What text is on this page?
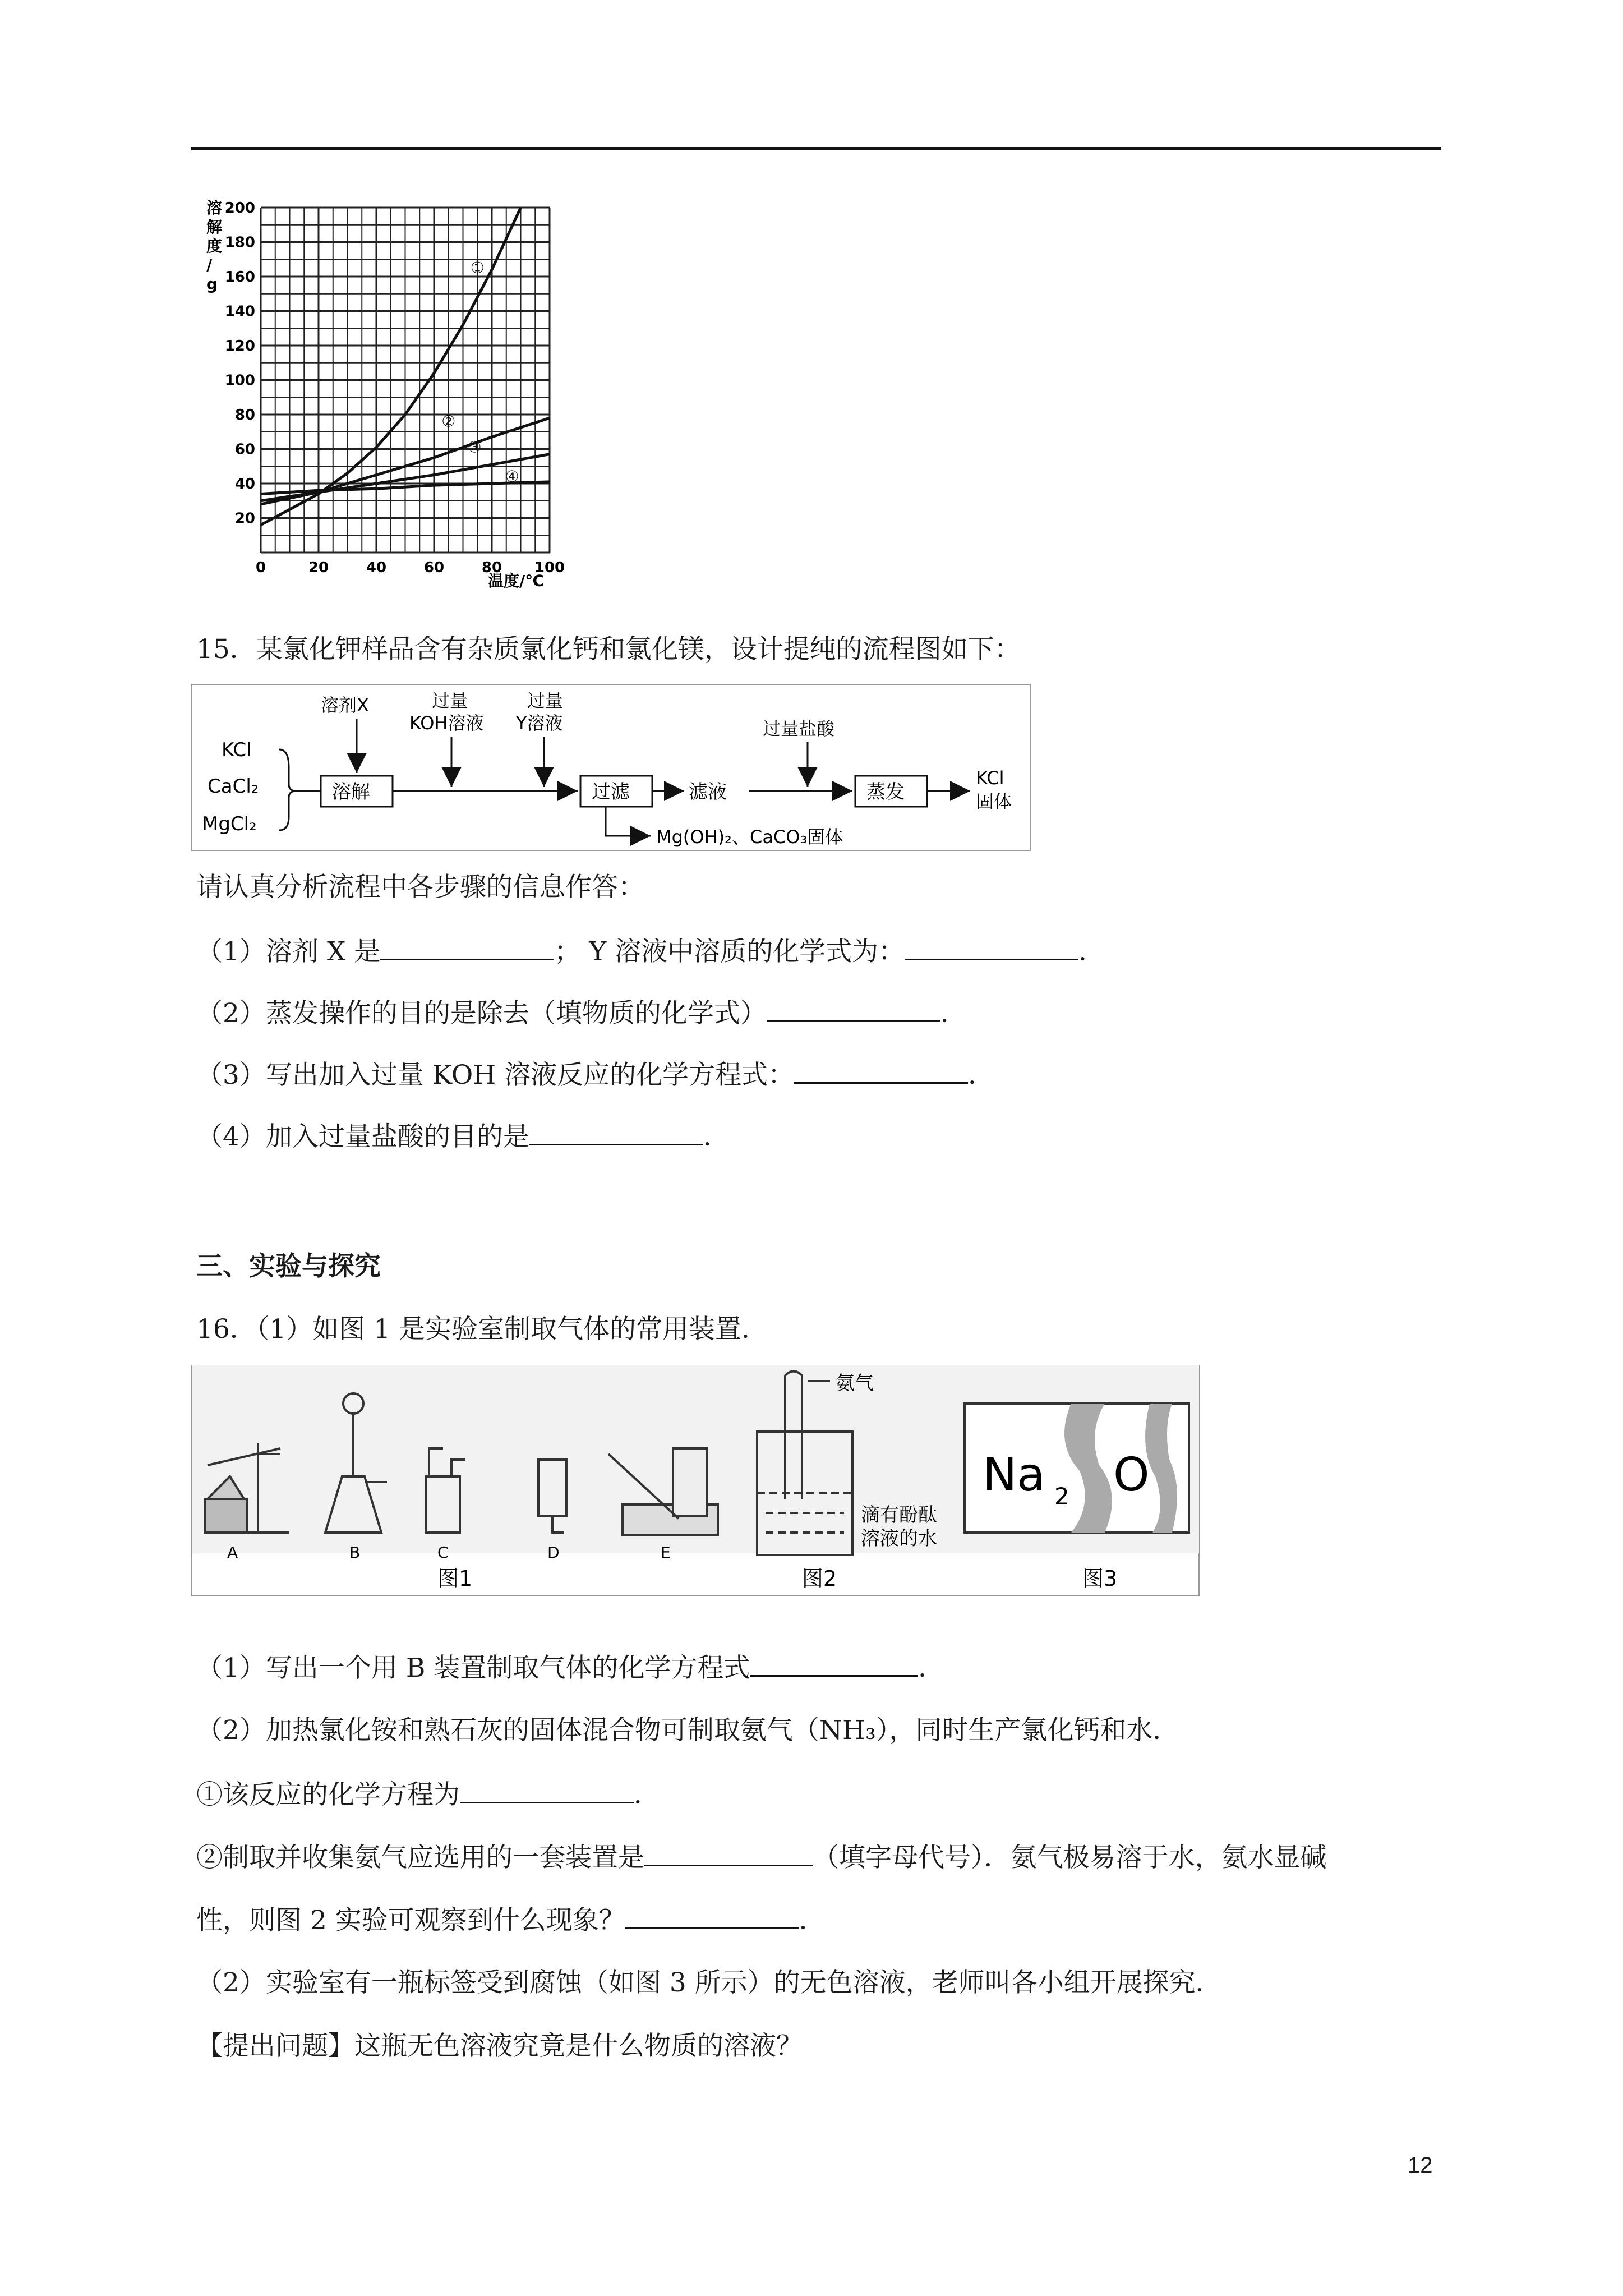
0	20	40	60	80 100
20
40
60
80
100
120
140
160
180
200
①
②
③
④
溶解度/ g
温度/℃
15．某氯化钾样品含有杂质氯化钙和氯化镁，设计提纯的流程图如下：
KCl
CaCl₂
MgCl₂
溶解
溶剂X	过量
KOH溶液
过量
Y溶液
过滤	滤液
过量盐酸
蒸发
KCl
固体
Mg(OH)₂、CaCO₃固体
请认真分析流程中各步骤的信息作答：
（1）溶剂 X 是	； Y 溶液中溶质的化学式为：	．
（2）蒸发操作的目的是除去（填物质的化学式）	．
（3）写出加入过量 KOH 溶液反应的化学方程式：	．
（4）加入过量盐酸的目的是	．
三、实验与探究
16．（1）如图 1 是实验室制取气体的常用装置．
A	B	C	D	E
氨气
滴有酚酞
溶液的水
Na 2 O
图1	图2	图3
（1）写出一个用 B 装置制取气体的化学方程式	．
（2）加热氯化铵和熟石灰的固体混合物可制取氨气（NH₃），同时生产氯化钙和水．
①该反应的化学方程为	．
②制取并收集氨气应选用的一套装置是	（填字母代号）．氨气极易溶于水，氨水显碱
性，则图 2 实验可观察到什么现象？	．
（2）实验室有一瓶标签受到腐蚀（如图 3 所示）的无色溶液，老师叫各小组开展探究．
【提出问题】这瓶无色溶液究竟是什么物质的溶液？
12
